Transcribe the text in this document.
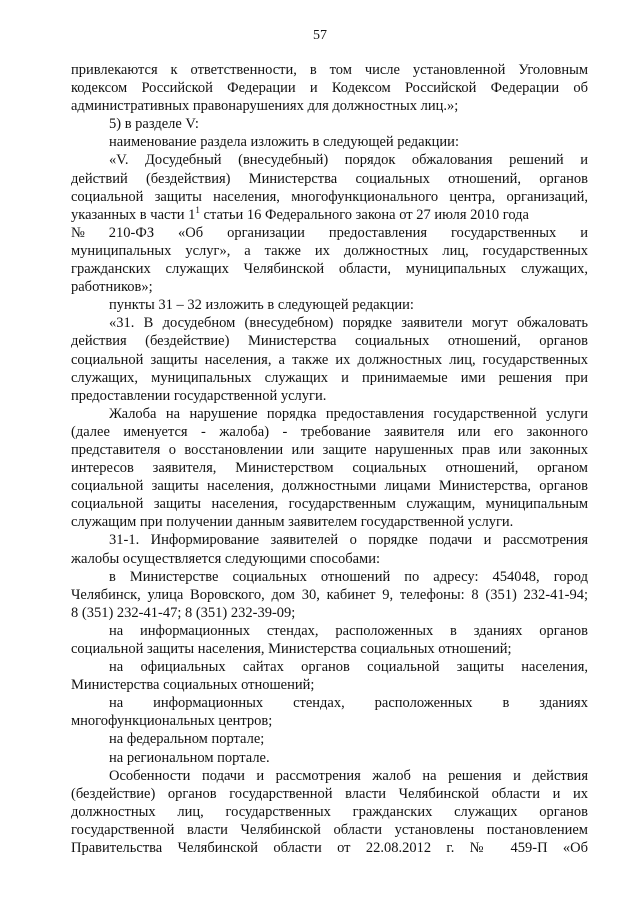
57
привлекаются к ответственности, в том числе установленной Уголовным
кодексом Российской Федерации и Кодексом Российской Федерации об
административных правонарушениях для должностных лиц.»;
5) в разделе V:
наименование раздела изложить в следующей редакции:
«V. Досудебный (внесудебный) порядок обжалования решений и
действий (бездействия) Министерства социальных отношений, органов
социальной защиты населения, многофункционального центра, организаций,
указанных в части $1^1$ статьи 16 Федерального закона от 27 июля 2010 года
№ 210-ФЗ «Об организации предоставления государственных и
муниципальных услуг», а также их должностных лиц, государственных
гражданских служащих Челябинской области, муниципальных служащих,
работников»;
пункты 31 – 32 изложить в следующей редакции:
«31. В досудебном (внесудебном) порядке заявители могут обжаловать
действия (бездействие) Министерства социальных отношений, органов
социальной защиты населения, а также их должностных лиц, государственных
служащих, муниципальных служащих и принимаемые ими решения при
предоставлении государственной услуги.
Жалоба на нарушение порядка предоставления государственной услуги
(далее именуется - жалоба) - требование заявителя или его законного
представителя о восстановлении или защите нарушенных прав или законных
интересов заявителя, Министерством социальных отношений, органом
социальной защиты населения, должностными лицами Министерства, органов
социальной защиты населения, государственным служащим, муниципальным
служащим при получении данным заявителем государственной услуги.
31-1. Информирование заявителей о порядке подачи и рассмотрения
жалобы осуществляется следующими способами:
в Министерстве социальных отношений по адресу: 454048, город
Челябинск, улица Воровского, дом 30, кабинет 9, телефоны: 8 (351) 232-41-94;
8 (351) 232-41-47; 8 (351) 232-39-09;
на информационных стендах, расположенных в зданиях органов
социальной защиты населения, Министерства социальных отношений;
на официальных сайтах органов социальной защиты населения,
Министерства социальных отношений;
на информационных стендах, расположенных в зданиях
многофункциональных центров;
на федеральном портале;
на региональном портале.
Особенности подачи и рассмотрения жалоб на решения и действия
(бездействие) органов государственной власти Челябинской области и их
должностных лиц, государственных гражданских служащих органов
государственной власти Челябинской области установлены постановлением
Правительства Челябинской области от 22.08.2012 г. № 459-П «Об
